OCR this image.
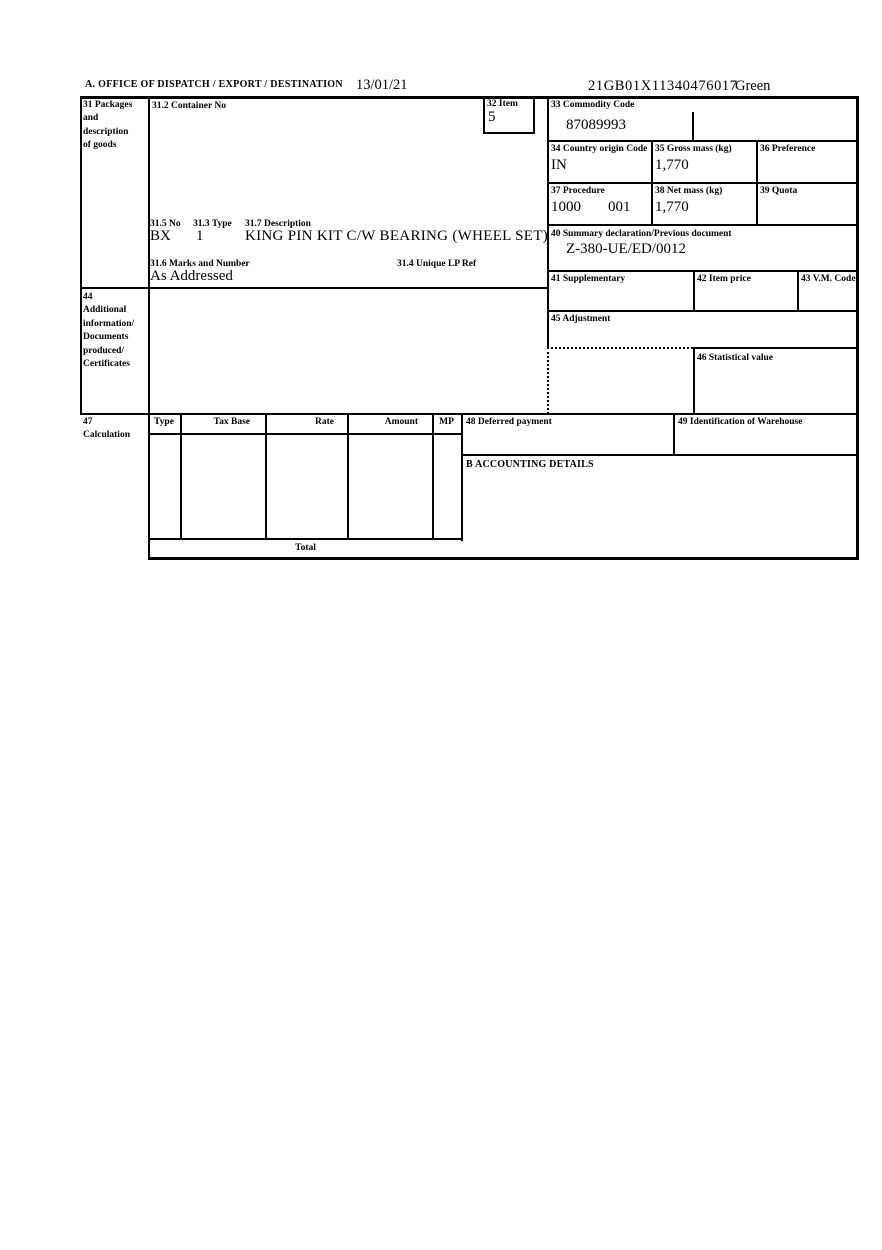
A. OFFICE OF DISPATCH / EXPORT / DESTINATION 13/01/21	21GB01X11340476017
Green
31 Packages
and
description
of goods
31.2 Container No
31.5 No 31.3 Type 31.7 Description
BX 1	KING PIN KIT C/W BEARING (WHEEL SET)
31.6 Marks and Number	31.4 Unique LP Ref
As Addressed
32 Item
5
33 Commodity Code
87089993
34 Country origin Code
IN
35 Gross mass (kg)
1,770
36 Preference
37 Procedure
1000 001
38 Net mass (kg)
1,770
39 Quota
40 Summary declaration/Previous document
Z-380-UE/ED/0012
41 Supplementary	42 Item price	43 V.M. Code
45 Adjustment
46 Statistical value
44
Additional
information/
Documents
produced/
Certificates
47
Calculation
Type	Tax Base	Rate	Amount	MP
Total
48 Deferred payment	49 Identification of Warehouse
B ACCOUNTING DETAILS
